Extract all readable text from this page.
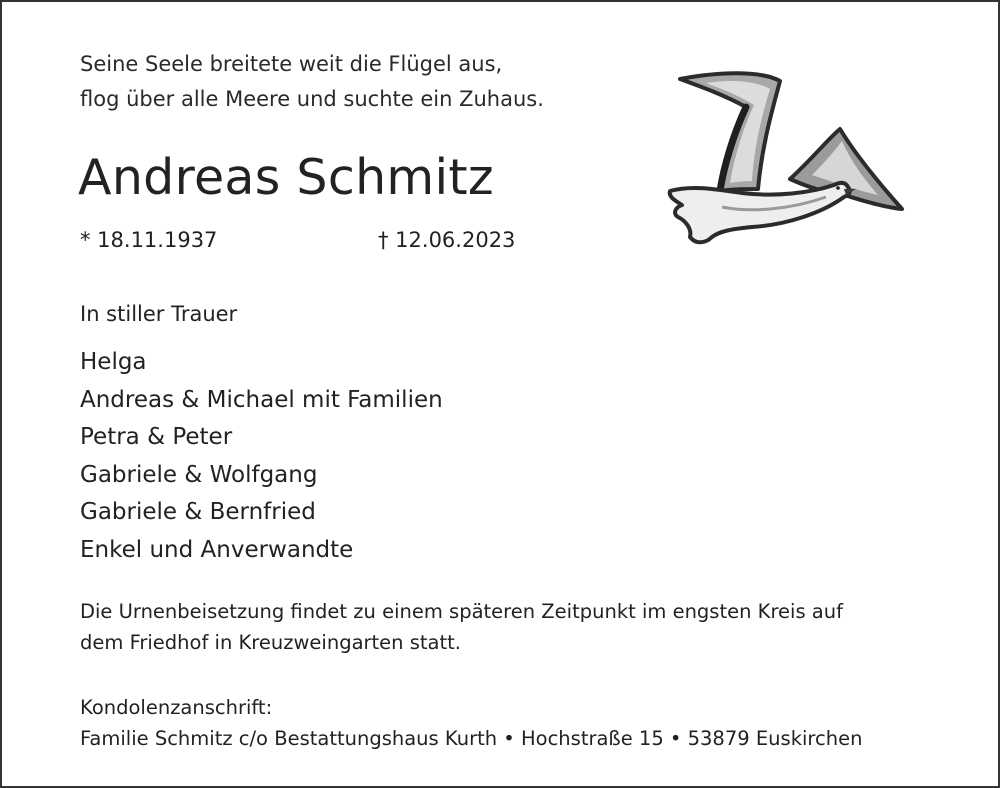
Seine Seele breitete weit die Flügel aus,
flog über alle Meere und suchte ein Zuhaus.
Andreas Schmitz
* 18.11.1937	† 12.06.2023
In stiller Trauer
Helga
Andreas & Michael mit Familien
Petra & Peter
Gabriele & Wolfgang
Gabriele & Bernfried
Enkel und Anverwandte
Die Urnenbeisetzung findet zu einem späteren Zeitpunkt im engsten Kreis auf
dem Friedhof in Kreuzweingarten statt.
Kondolenzanschrift:
Familie Schmitz c/o Bestattungshaus Kurth • Hochstraße 15 • 53879 Euskirchen
